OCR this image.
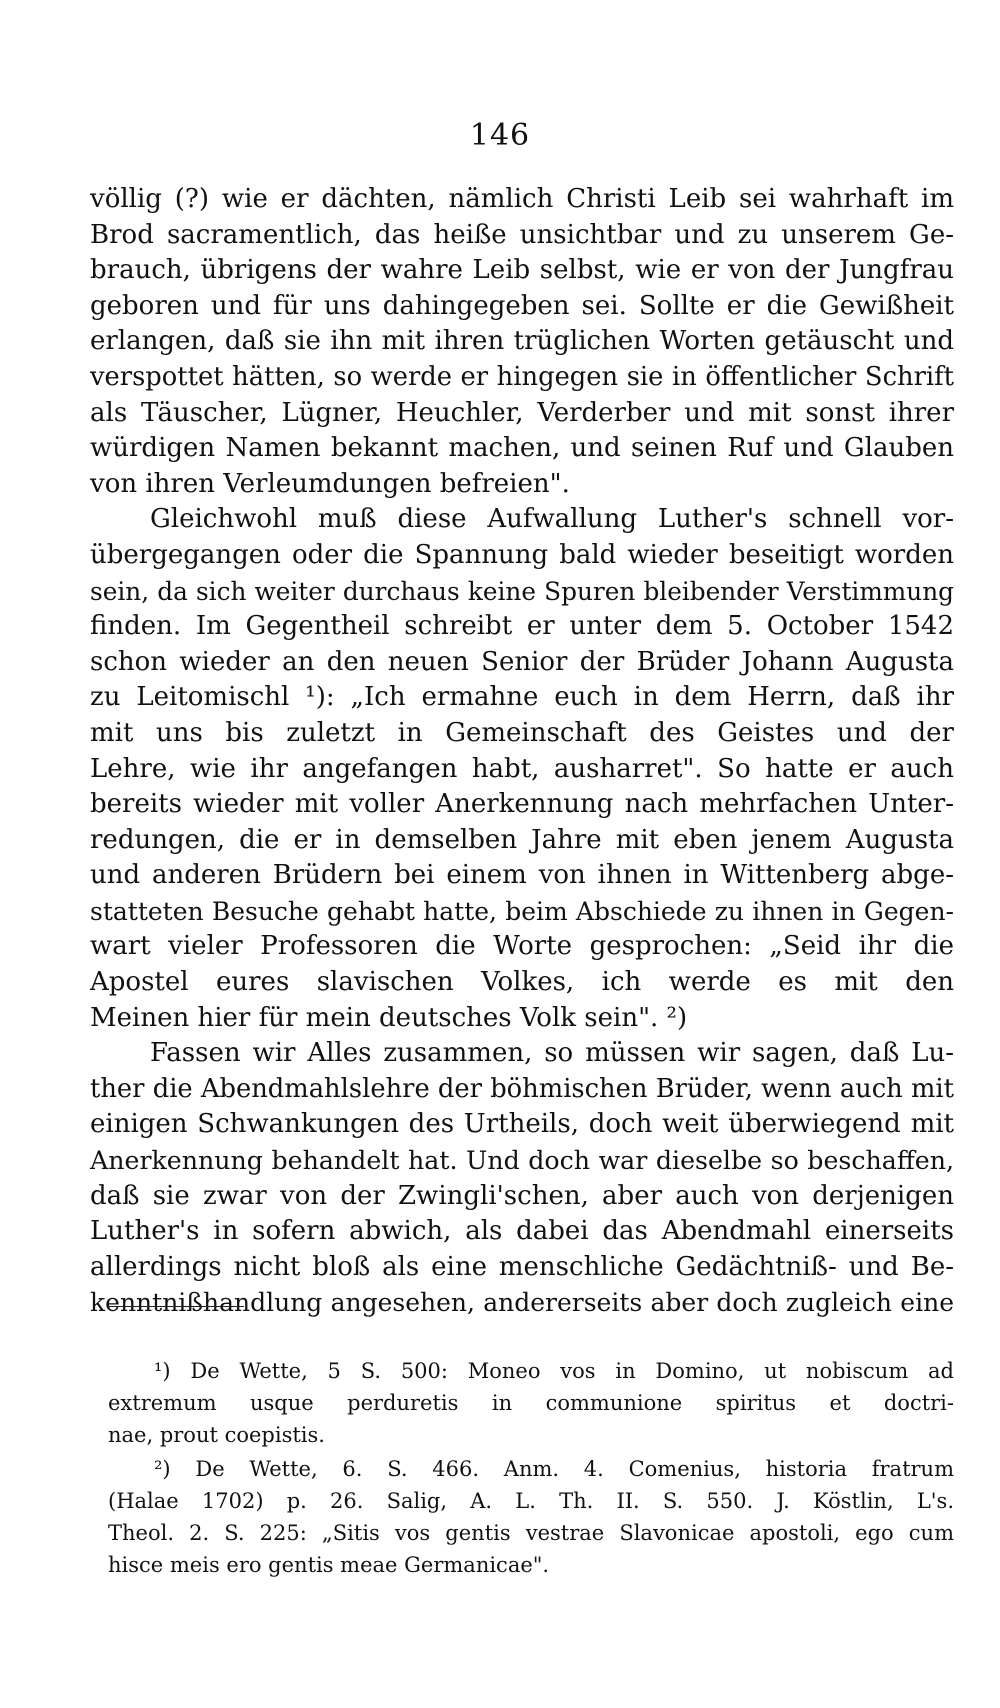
146
völlig (?) wie er dächten, nämlich Christi Leib sei wahrhaft im
Brod sacramentlich, das heiße unsichtbar und zu unserem Ge-
brauch, übrigens der wahre Leib selbst, wie er von der Jungfrau
geboren und für uns dahingegeben sei. Sollte er die Gewißheit
erlangen, daß sie ihn mit ihren trüglichen Worten getäuscht und
verspottet hätten, so werde er hingegen sie in öffentlicher Schrift
als Täuscher, Lügner, Heuchler, Verderber und mit sonst ihrer
würdigen Namen bekannt machen, und seinen Ruf und Glauben
von ihren Verleumdungen befreien".
Gleichwohl muß diese Aufwallung Luther's schnell vor-
übergegangen oder die Spannung bald wieder beseitigt worden
sein, da sich weiter durchaus keine Spuren bleibender Verstimmung
finden. Im Gegentheil schreibt er unter dem 5. October 1542
schon wieder an den neuen Senior der Brüder Johann Augusta
zu Leitomischl ¹): „Ich ermahne euch in dem Herrn, daß ihr
mit uns bis zuletzt in Gemeinschaft des Geistes und der
Lehre, wie ihr angefangen habt, ausharret". So hatte er auch
bereits wieder mit voller Anerkennung nach mehrfachen Unter-
redungen, die er in demselben Jahre mit eben jenem Augusta
und anderen Brüdern bei einem von ihnen in Wittenberg abge-
statteten Besuche gehabt hatte, beim Abschiede zu ihnen in Gegen-
wart vieler Professoren die Worte gesprochen: „Seid ihr die
Apostel eures slavischen Volkes, ich werde es mit den
Meinen hier für mein deutsches Volk sein". ²)
Fassen wir Alles zusammen, so müssen wir sagen, daß Lu-
ther die Abendmahlslehre der böhmischen Brüder, wenn auch mit
einigen Schwankungen des Urtheils, doch weit überwiegend mit
Anerkennung behandelt hat. Und doch war dieselbe so beschaffen,
daß sie zwar von der Zwingli'schen, aber auch von derjenigen
Luther's in sofern abwich, als dabei das Abendmahl einerseits
allerdings nicht bloß als eine menschliche Gedächtniß- und Be-
kenntnißhandlung angesehen, andererseits aber doch zugleich eine
¹) De Wette, 5 S. 500: Moneo vos in Domino, ut nobiscum ad
extremum usque perduretis in communione spiritus et doctri-
nae, prout coepistis.
²) De Wette, 6. S. 466. Anm. 4. Comenius, historia fratrum
(Halae 1702) p. 26. Salig, A. L. Th. II. S. 550. J. Köstlin, L's.
Theol. 2. S. 225: „Sitis vos gentis vestrae Slavonicae apostoli, ego cum
hisce meis ero gentis meae Germanicae".
